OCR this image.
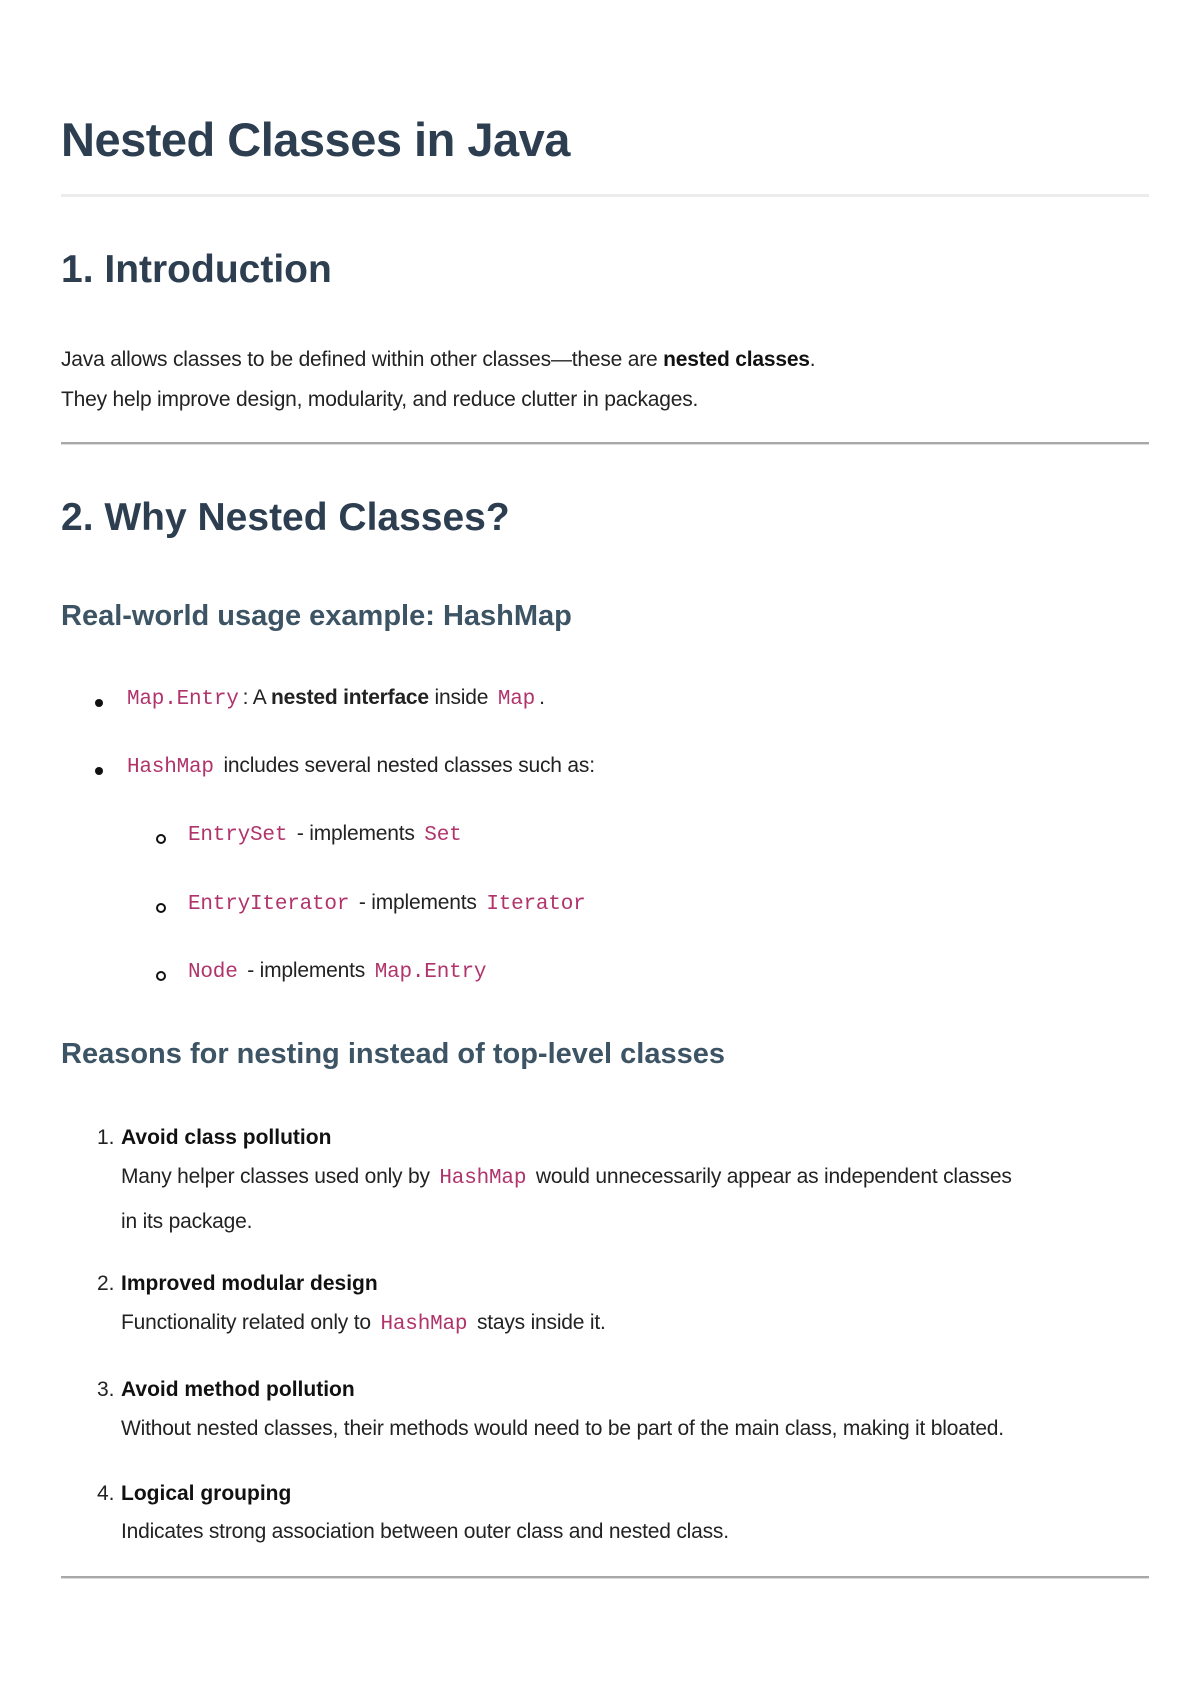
Nested Classes in Java
1. Introduction

Java allows classes to be defined within other classes—these are nested classes.

They help improve design, modularity, and reduce clutter in packages.

2. Why Nested Classes?
Real-world usage example: HashMap

Map.Entry : A nested interface inside Map .

HashMap includes several nested classes such as:

EntrySet - implements Set

EntryIterator - implements Iterator

Node - implements Map.Entry

Reasons for nesting instead of top-level classes
1. Avoid class pollution

Many helper classes used only by HashMap would unnecessarily appear as independent classes

in its package.

2. Improved modular design

Functionality related only to HashMap stays inside it.

3. Avoid method pollution

Without nested classes, their methods would need to be part of the main class, making it bloated.

4. Logical grouping

Indicates strong association between outer class and nested class.
